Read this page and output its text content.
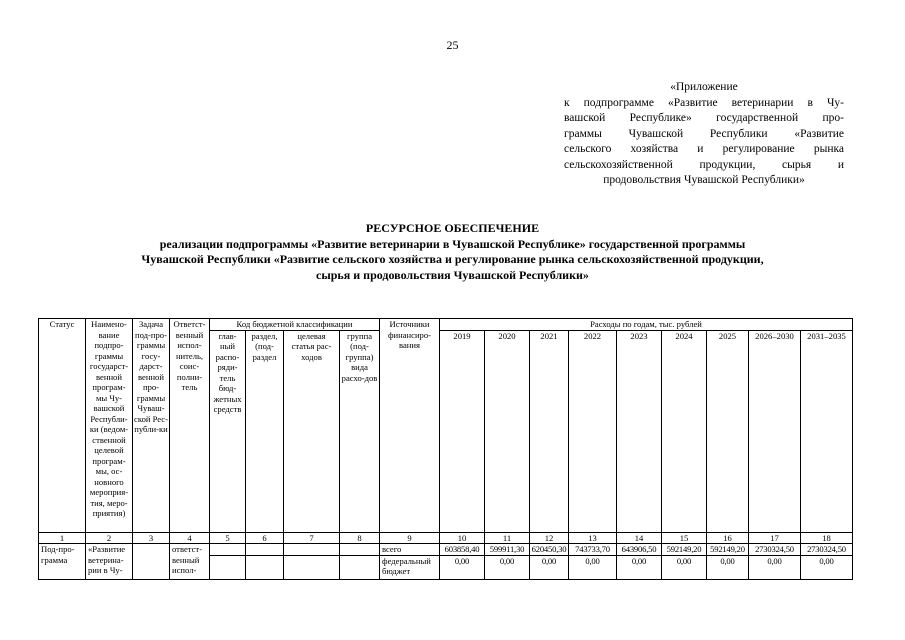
25
«Приложение
к подпрограмме «Развитие ветеринарии в Чу-
вашской Республике» государственной про-
граммы Чувашской Республики «Развитие
сельского хозяйства и регулирование рынка
сельскохозяйственной продукции, сырья и
продовольствия Чувашской Республики»
РЕСУРСНОЕ ОБЕСПЕЧЕНИЕ
реализации подпрограммы «Развитие ветеринарии в Чувашской Республике» государственной программы
Чувашской Республики «Развитие сельского хозяйства и регулирование рынка сельскохозяйственной продукции,
сырья и продовольствия Чувашской Республики»
Статус	Наимено-вание подпро-граммы государст-венной програм-мы Чу-вашской Республи-ки (ведом-ственной целевой програм-мы, ос-новного мероприя-тия, меро-приятия)	Задача под-про-граммы госу-дарст-венной про-граммы Чуваш-ской Рес-публи-ки	Ответст-венный испол-нитель, соис-полни-тель	Код бюджетной классификации				Источники финансиро-вания	Расходы по годам, тыс. рублей								
				глав-ный распо-ряди-тель бюд-жетных средств	раздел, (под-раздел	целевая статья рас-ходов	группа (под-группа) вида расхо-дов		2019	2020	2021	2022	2023	2024	2025	2026–2030	2031–2035
1	2	3	4	5	6	7	8	9	10	11	12	13	14	15	16	17	18
Под-про-грамма	«Развитие ветерина-рии в Чу-		ответст-венный испол-					всего	603858,40	599911,30	620450,30	743733,70	643906,50	592149,20	592149,20	2730324,50	2730324,50
								федеральный бюджет	0,00	0,00	0,00	0,00	0,00	0,00	0,00	0,00	0,00
